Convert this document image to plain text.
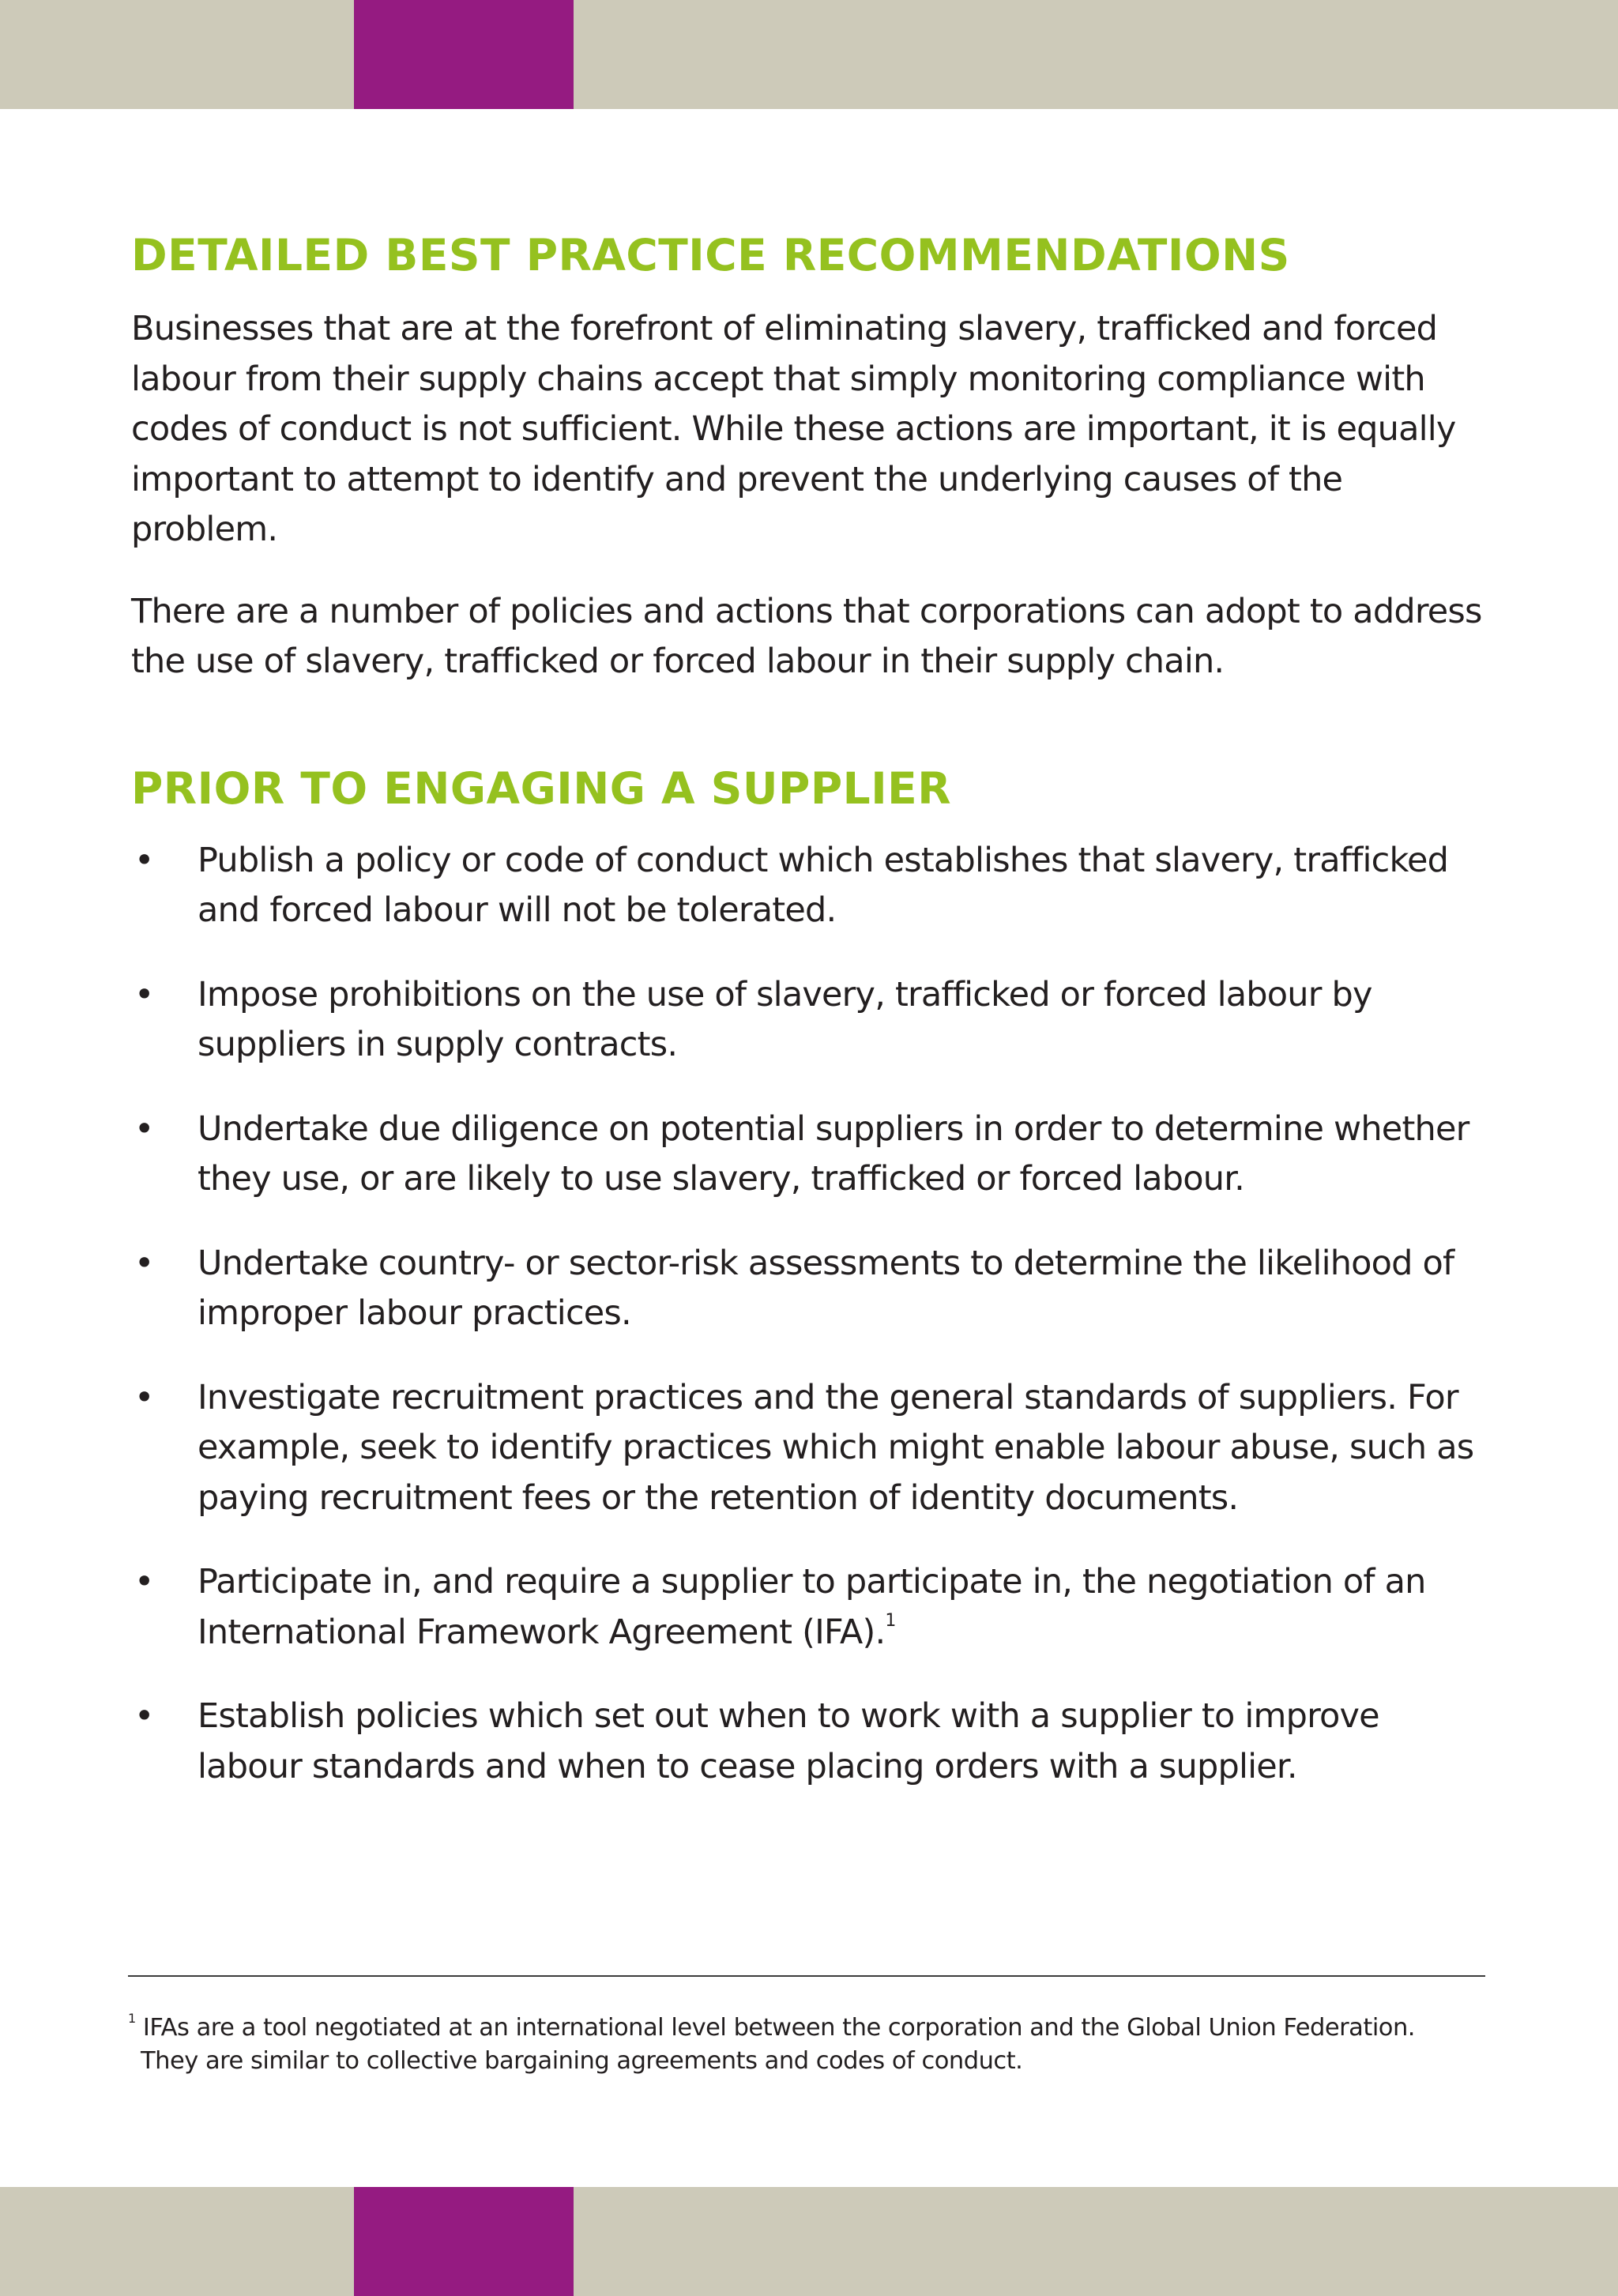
DETAILED BEST PRACTICE RECOMMENDATIONS

Businesses that are at the forefront of eliminating slavery, trafficked and forced labour from their supply chains accept that simply monitoring compliance with codes of conduct is not sufficient. While these actions are important, it is equally important to attempt to identify and prevent the underlying causes of the problem.

There are a number of policies and actions that corporations can adopt to address the use of slavery, trafficked or forced labour in their supply chain.

PRIOR TO ENGAGING A SUPPLIER
• Publish a policy or code of conduct which establishes that slavery, trafficked and forced labour will not be tolerated.
• Impose prohibitions on the use of slavery, trafficked or forced labour by suppliers in supply contracts.
• Undertake due diligence on potential suppliers in order to determine whether they use, or are likely to use slavery, trafficked or forced labour.
• Undertake country- or sector-risk assessments to determine the likelihood of improper labour practices.
• Investigate recruitment practices and the general standards of suppliers. For example, seek to identify practices which might enable labour abuse, such as paying recruitment fees or the retention of identity documents.
• Participate in, and require a supplier to participate in, the negotiation of an International Framework Agreement (IFA).$^1$
• Establish policies which set out when to work with a supplier to improve labour standards and when to cease placing orders with a supplier.
$^1$ IFAs are a tool negotiated at an international level between the corporation and the Global Union Federation.
They are similar to collective bargaining agreements and codes of conduct.
